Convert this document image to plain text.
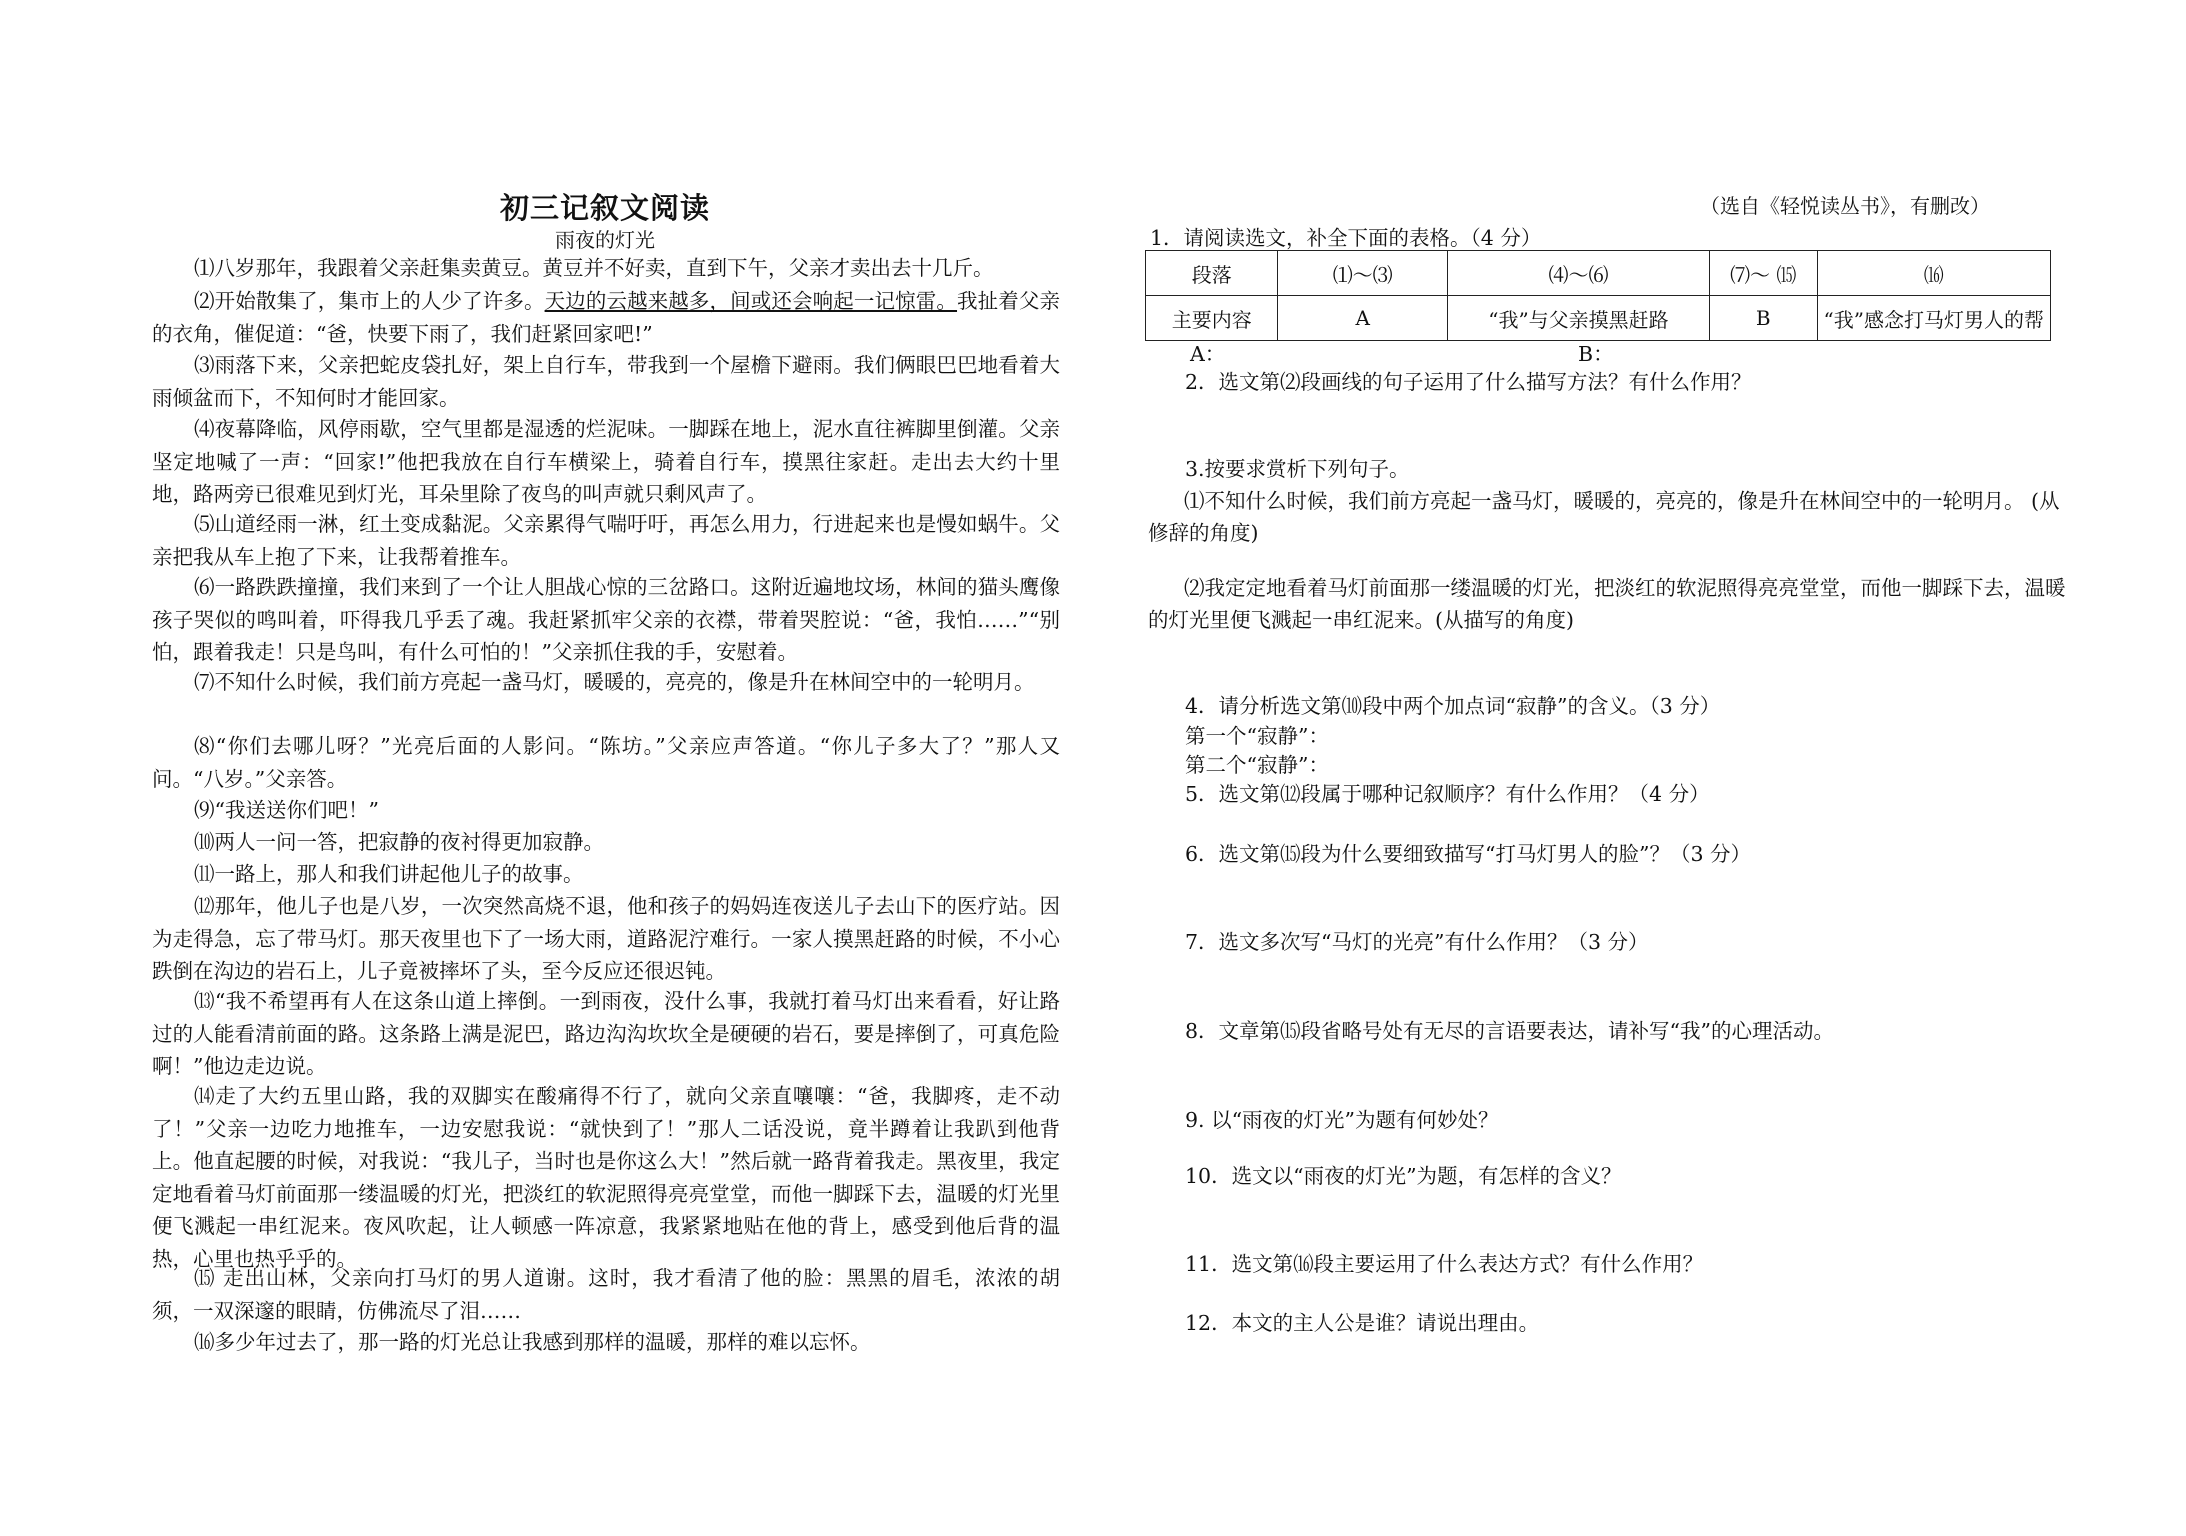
初三记叙文阅读
雨夜的灯光
⑴八岁那年，我跟着父亲赶集卖黄豆。黄豆并不好卖，直到下午，父亲才卖出去十几斤。
⑵开始散集了，集市上的人少了许多。天边的云越来越多，间或还会响起一记惊雷。我扯着父亲的衣角，催促道：“爸，快要下雨了，我们赶紧回家吧!”
⑶雨落下来，父亲把蛇皮袋扎好，架上自行车，带我到一个屋檐下避雨。我们俩眼巴巴地看着大雨倾盆而下，不知何时才能回家。
⑷夜幕降临，风停雨歇，空气里都是湿透的烂泥味。一脚踩在地上，泥水直往裤脚里倒灌。父亲坚定地喊了一声：“回家!”他把我放在自行车横梁上，骑着自行车，摸黑往家赶。走出去大约十里地，路两旁已很难见到灯光，耳朵里除了夜鸟的叫声就只剩风声了。
⑸山道经雨一淋，红土变成黏泥。父亲累得气喘吁吁，再怎么用力，行进起来也是慢如蜗牛。父亲把我从车上抱了下来，让我帮着推车。
⑹一路跌跌撞撞，我们来到了一个让人胆战心惊的三岔路口。这附近遍地坟场，林间的猫头鹰像孩子哭似的鸣叫着，吓得我几乎丢了魂。我赶紧抓牢父亲的衣襟，带着哭腔说：“爸，我怕……”“别怕，跟着我走！只是鸟叫，有什么可怕的！”父亲抓住我的手，安慰着。
⑺不知什么时候，我们前方亮起一盏马灯，暖暖的，亮亮的，像是升在林间空中的一轮明月。
⑻“你们去哪儿呀？”光亮后面的人影问。“陈坊。”父亲应声答道。“你儿子多大了？”那人又问。“八岁。”父亲答。
⑼“我送送你们吧！”
⑽两人一问一答，把寂静的夜衬得更加寂静。
⑾一路上，那人和我们讲起他儿子的故事。
⑿那年，他儿子也是八岁，一次突然高烧不退，他和孩子的妈妈连夜送儿子去山下的医疗站。因为走得急，忘了带马灯。那天夜里也下了一场大雨，道路泥泞难行。一家人摸黑赶路的时候，不小心跌倒在沟边的岩石上，儿子竟被摔坏了头，至今反应还很迟钝。
⒀“我不希望再有人在这条山道上摔倒。一到雨夜，没什么事，我就打着马灯出来看看，好让路过的人能看清前面的路。这条路上满是泥巴，路边沟沟坎坎全是硬硬的岩石，要是摔倒了，可真危险啊！”他边走边说。
⒁走了大约五里山路，我的双脚实在酸痛得不行了，就向父亲直嚷嚷：“爸，我脚疼，走不动了！”父亲一边吃力地推车，一边安慰我说：“就快到了！”那人二话没说，竟半蹲着让我趴到他背上。他直起腰的时候，对我说：“我儿子，当时也是你这么大！”然后就一路背着我走。黑夜里，我定定地看着马灯前面那一缕温暖的灯光，把淡红的软泥照得亮亮堂堂，而他一脚踩下去，温暖的灯光里便飞溅起一串红泥来。夜风吹起，让人顿感一阵凉意，我紧紧地贴在他的背上，感受到他后背的温热，心里也热乎乎的。
⒂ 走出山林，父亲向打马灯的男人道谢。这时，我才看清了他的脸：黑黑的眉毛，浓浓的胡须，一双深邃的眼睛，仿佛流尽了泪……
⒃多少年过去了，那一路的灯光总让我感到那样的温暖，那样的难以忘怀。
（选自《轻悦读丛书》，有删改）
1．请阅读选文，补全下面的表格。（4 分）
段落	⑴～⑶	⑷～⑹	⑺～ ⒂	⒃
主要内容	A	“我”与父亲摸黑赶路	B	“我”感念打马灯男人的帮
A：	B：
2．选文第⑵段画线的句子运用了什么描写方法？有什么作用？
3.按要求赏析下列句子。
⑴不知什么时候，我们前方亮起一盏马灯，暖暖的，亮亮的，像是升在林间空中的一轮明月。 (从修辞的角度)
⑵我定定地看着马灯前面那一缕温暖的灯光，把淡红的软泥照得亮亮堂堂，而他一脚踩下去，温暖的灯光里便飞溅起一串红泥来。(从描写的角度)
4．请分析选文第⑽段中两个加点词“寂静”的含义。（3 分）
第一个“寂静”：
第二个“寂静”：
5．选文第⑿段属于哪种记叙顺序？有什么作用？（4 分）
6．选文第⒂段为什么要细致描写“打马灯男人的脸”？（3 分）
7．选文多次写“马灯的光亮”有什么作用？（3 分）
8．文章第⒂段省略号处有无尽的言语要表达，请补写“我”的心理活动。
9. 以“雨夜的灯光”为题有何妙处？
10．选文以“雨夜的灯光”为题，有怎样的含义？
11．选文第⒃段主要运用了什么表达方式？有什么作用？
12．本文的主人公是谁？请说出理由。
